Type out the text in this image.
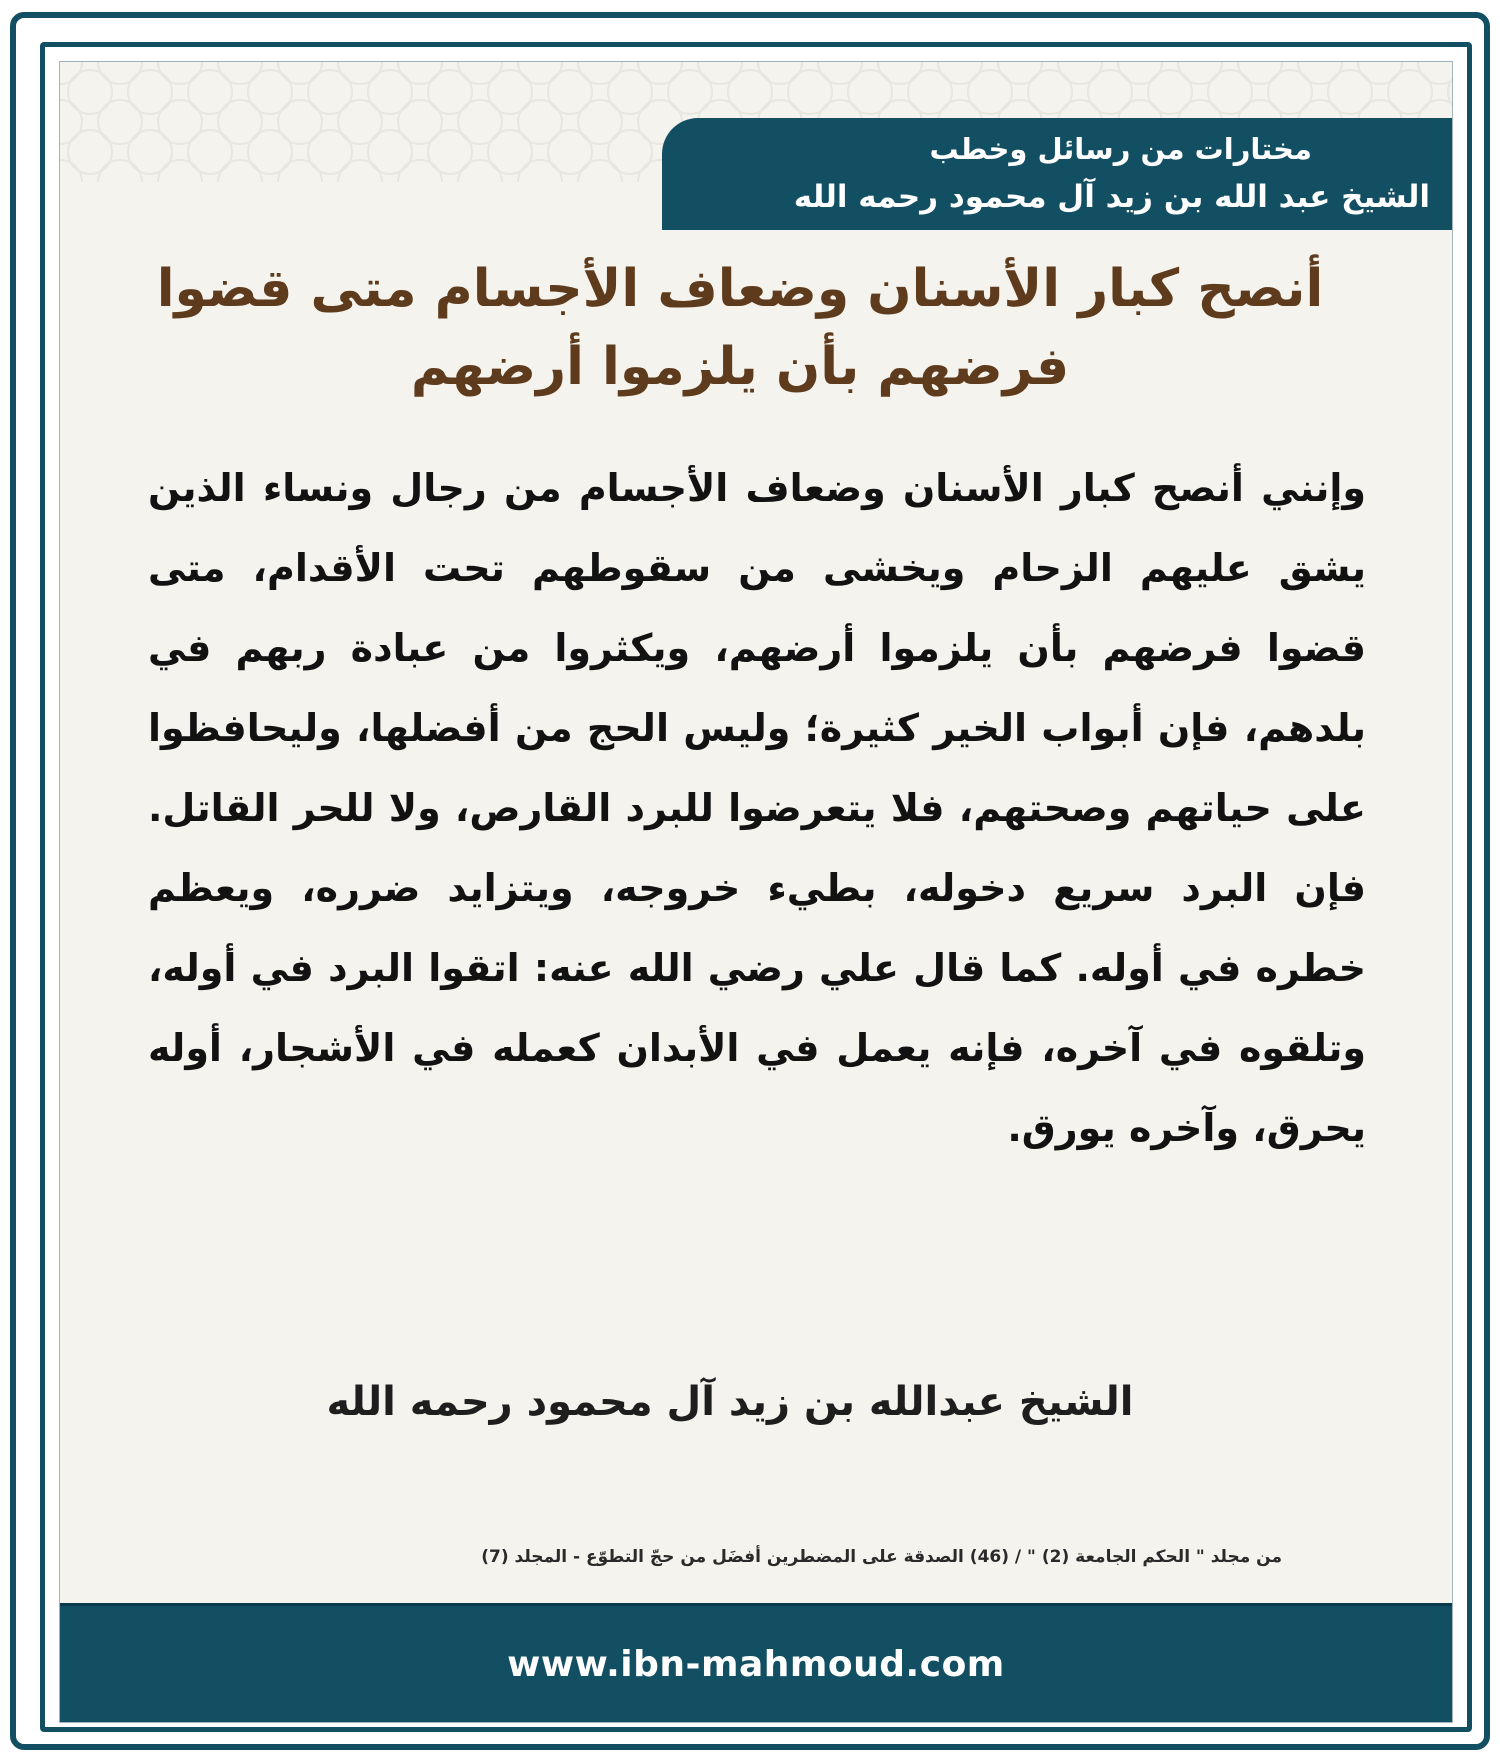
مختارات من رسائل وخطب
الشيخ عبد الله بن زيد آل محمود رحمه الله
أنصح كبار الأسنان وضعاف الأجسام متى قضوا فرضهم بأن يلزموا أرضهم
وإنني أنصح كبار الأسنان وضعاف الأجسام من رجال ونساء الذين يشق عليهم الزحام ويخشى من سقوطهم تحت الأقدام، متى قضوا فرضهم بأن يلزموا أرضهم، ويكثروا من عبادة ربهم في بلدهم، فإن أبواب الخير كثيرة؛ وليس الحج من أفضلها، وليحافظوا على حياتهم وصحتهم، فلا يتعرضوا للبرد القارص، ولا للحر القاتل. فإن البرد سريع دخوله، بطيء خروجه، ويتزايد ضرره، ويعظم خطره في أوله. كما قال علي رضي الله عنه: اتقوا البرد في أوله، وتلقوه في آخره، فإنه يعمل في الأبدان كعمله في الأشجار، أوله يحرق، وآخره يورق.
الشيخ عبدالله بن زيد آل محمود رحمه الله
من مجلد " الحكم الجامعة (2) " / (46) الصدقة على المضطرين أفضَل من حجّ التطوّع - المجلد (7)
www.ibn-mahmoud.com
